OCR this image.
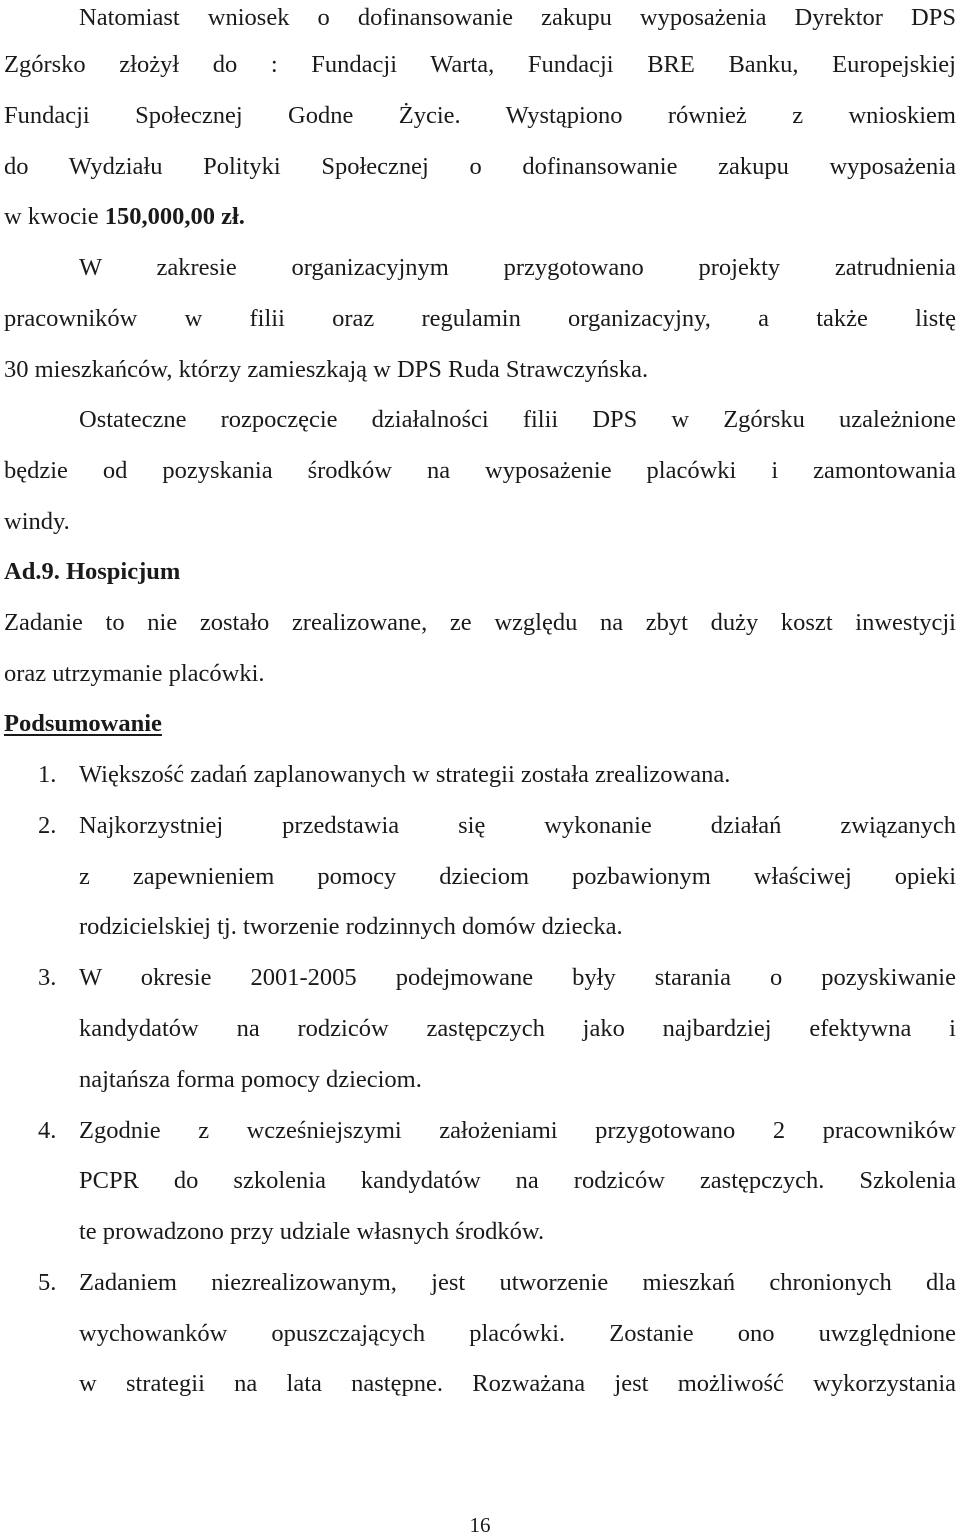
Natomiast wniosek o dofinansowanie zakupu wyposażenia Dyrektor DPS
Zgórsko złożył do : Fundacji Warta, Fundacji BRE Banku, Europejskiej
Fundacji Społecznej Godne Życie. Wystąpiono również z wnioskiem
do Wydziału Polityki Społecznej o dofinansowanie zakupu wyposażenia
w kwocie 150,000,00 zł.
W zakresie organizacyjnym przygotowano projekty zatrudnienia
pracowników w filii oraz regulamin organizacyjny, a także listę
30 mieszkańców, którzy zamieszkają w DPS Ruda Strawczyńska.
Ostateczne rozpoczęcie działalności filii DPS w Zgórsku uzależnione
będzie od pozyskania środków na wyposażenie placówki i zamontowania
windy.
Ad.9. Hospicjum
Zadanie to nie zostało zrealizowane, ze względu na zbyt duży koszt inwestycji
oraz utrzymanie placówki.
Podsumowanie
1. Większość zadań zaplanowanych w strategii została zrealizowana.
2. Najkorzystniej przedstawia się wykonanie działań związanych
z zapewnieniem pomocy dzieciom pozbawionym właściwej opieki
rodzicielskiej tj. tworzenie rodzinnych domów dziecka.
3. W okresie 2001-2005 podejmowane były starania o pozyskiwanie
kandydatów na rodziców zastępczych jako najbardziej efektywna i
najtańsza forma pomocy dzieciom.
4. Zgodnie z wcześniejszymi założeniami przygotowano 2 pracowników
PCPR do szkolenia kandydatów na rodziców zastępczych. Szkolenia
te prowadzono przy udziale własnych środków.
5. Zadaniem niezrealizowanym, jest utworzenie mieszkań chronionych dla
wychowanków opuszczających placówki. Zostanie ono uwzględnione
w strategii na lata następne. Rozważana jest możliwość wykorzystania
16
